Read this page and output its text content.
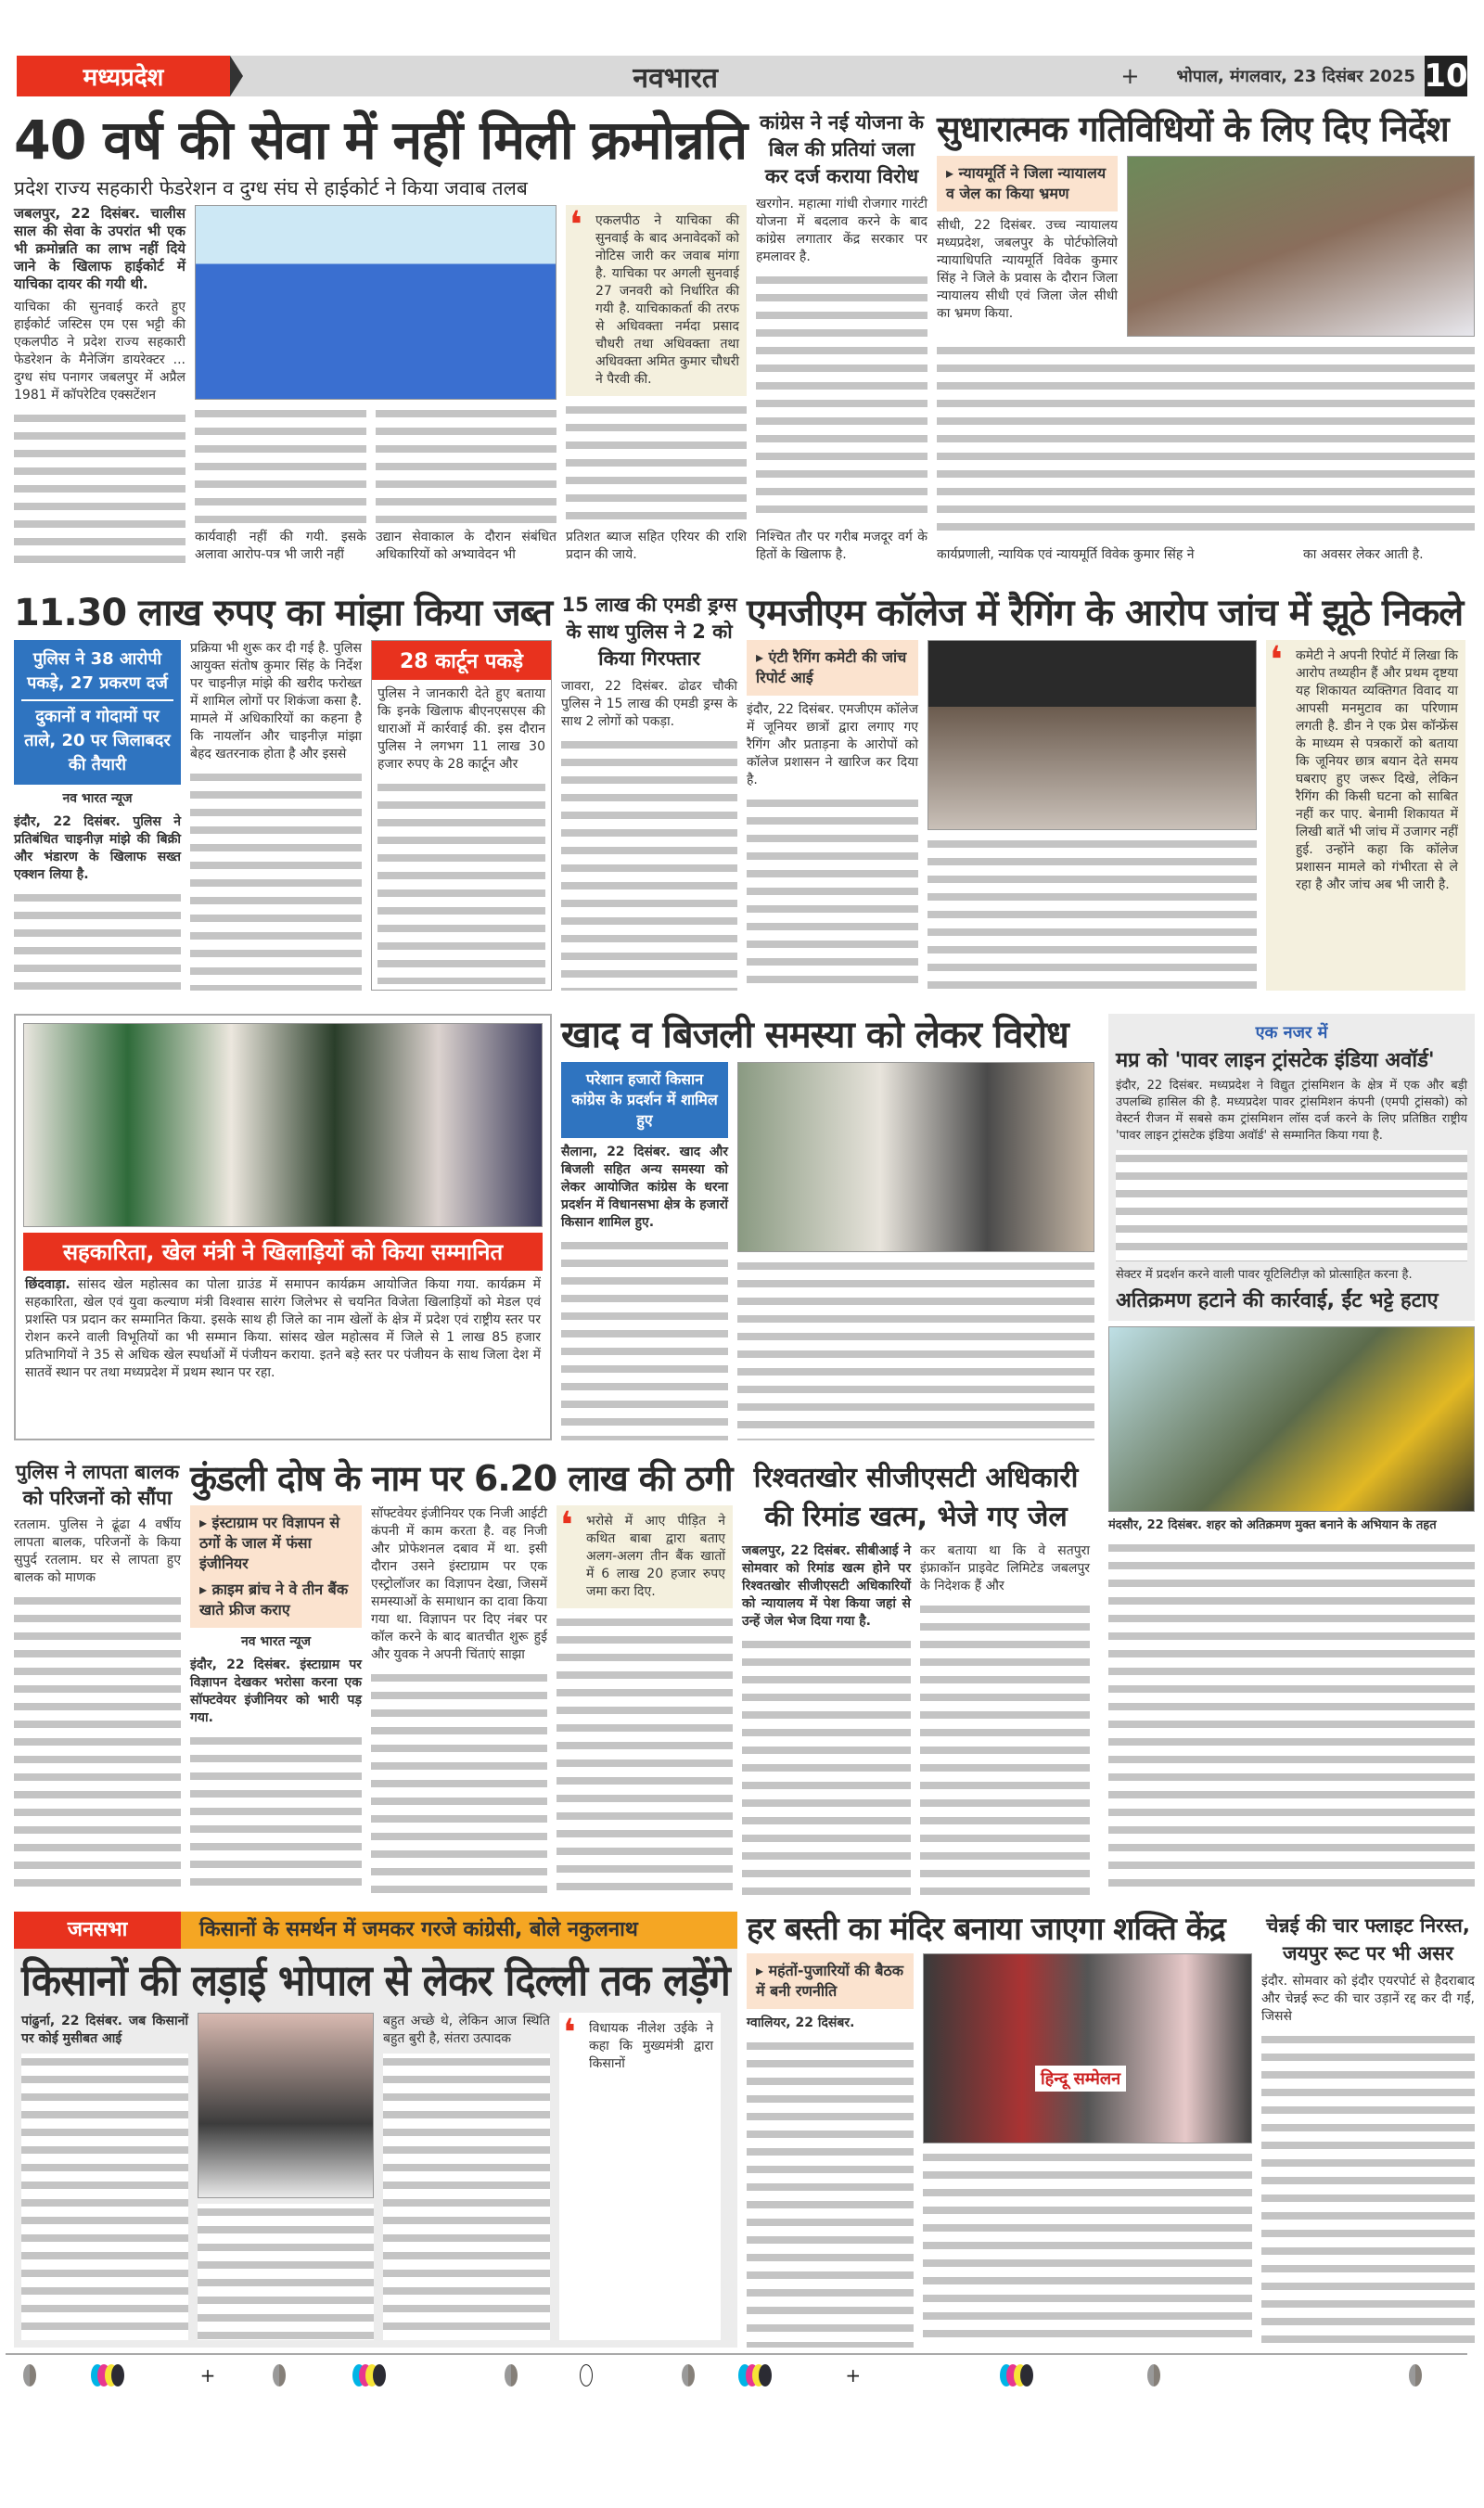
मध्यप्रदेश	नवभारत	+ भोपाल, मंगलवार, 23 दिसंबर 2025 10
40 वर्ष की सेवा में नहीं मिली क्रमोन्नति
प्रदेश राज्य सहकारी फेडरेशन व दुग्ध संघ से हाईकोर्ट ने किया जवाब तलब
जबलपुर, 22 दिसंबर. चालीस साल की सेवा के उपरांत भी एक भी क्रमोन्नति का लाभ नहीं दिये जाने के खिलाफ हाईकोर्ट में याचिका दायर की गयी थी.
याचिका की सुनवाई करते हुए हाईकोर्ट जस्टिस एम एस भट्टी की एकलपीठ ने प्रदेश राज्य सहकारी फेडरेशन के मैनेजिंग डायरेक्टर ... दुग्ध संघ पनागर जबलपुर में अप्रैल 1981 में कॉपरेटिव एक्सटेंशन
कार्यवाही नहीं की गयी. इसके अलावा आरोप-पत्र भी जारी नहीं
उद्यान सेवाकाल के दौरान संबंधित अधिकारियों को अभ्यावेदन भी
❛ एकलपीठ ने याचिका की सुनवाई के बाद अनावेदकों को नोटिस जारी कर जवाब मांगा है. याचिका पर अगली सुनवाई 27 जनवरी को निर्धारित की गयी है. याचिकाकर्ता की तरफ से अधिवक्ता नर्मदा प्रसाद चौधरी तथा अधिवक्ता तथा अधिवक्ता अमित कुमार चौधरी ने पैरवी की.
प्रतिशत ब्याज सहित एरियर की राशि प्रदान की जाये.
कांग्रेस ने नई योजना के बिल की प्रतियां जला कर दर्ज कराया विरोध
खरगोन. महात्मा गांधी रोजगार गारंटी योजना में बदलाव करने के बाद कांग्रेस लगातार केंद्र सरकार पर हमलावर है.
निश्चित तौर पर गरीब मजदूर वर्ग के हितों के खिलाफ है.
सुधारात्मक गतिविधियों के लिए दिए निर्देश
▸ न्यायमूर्ति ने जिला न्यायालय व जेल का किया भ्रमण
सीधी, 22 दिसंबर. उच्च न्यायालय मध्यप्रदेश, जबलपुर के पोर्टफोलियो न्यायाधिपति न्यायमूर्ति विवेक कुमार सिंह ने जिले के प्रवास के दौरान जिला न्यायालय सीधी एवं जिला जेल सीधी का भ्रमण किया.
कार्यप्रणाली, न्यायिक एवं न्यायमूर्ति विवेक कुमार सिंह ने	का अवसर लेकर आती है.
11.30 लाख रुपए का मांझा किया जब्त
पुलिस ने 38 आरोपी पकड़े, 27 प्रकरण दर्ज
दुकानों व गोदामों पर ताले, 20 पर जिलाबदर की तैयारी
नव भारत न्यूज
इंदौर, 22 दिसंबर. पुलिस ने प्रतिबंधित चाइनीज़ मांझे की बिक्री और भंडारण के खिलाफ सख्त एक्शन लिया है.
प्रक्रिया भी शुरू कर दी गई है. पुलिस आयुक्त संतोष कुमार सिंह के निर्देश पर चाइनीज़ मांझे की खरीद फरोख्त में शामिल लोगों पर शिकंजा कसा है. मामले में अधिकारियों का कहना है कि नायलॉन और चाइनीज़ मांझा बेहद खतरनाक होता है और इससे
28 कार्टून पकड़े
पुलिस ने जानकारी देते हुए बताया कि इनके खिलाफ बीएनएसएस की धाराओं में कार्रवाई की. इस दौरान पुलिस ने लगभग 11 लाख 30 हजार रुपए के 28 कार्टून और
15 लाख की एमडी ड्रग्स के साथ पुलिस ने 2 को किया गिरफ्तार
जावरा, 22 दिसंबर. ढोढर चौकी पुलिस ने 15 लाख की एमडी ड्रग्स के साथ 2 लोगों को पकड़ा.
एमजीएम कॉलेज में रैगिंग के आरोप जांच में झूठे निकले
▸ एंटी रैगिंग कमेटी की जांच रिपोर्ट आई
इंदौर, 22 दिसंबर. एमजीएम कॉलेज में जूनियर छात्रों द्वारा लगाए गए रैगिंग और प्रताड़ना के आरोपों को कॉलेज प्रशासन ने खारिज कर दिया है.
❛ कमेटी ने अपनी रिपोर्ट में लिखा कि आरोप तथ्यहीन हैं और प्रथम दृष्टया यह शिकायत व्यक्तिगत विवाद या आपसी मनमुटाव का परिणाम लगती है. डीन ने एक प्रेस कॉन्फ्रेंस के माध्यम से पत्रकारों को बताया कि जूनियर छात्र बयान देते समय घबराए हुए जरूर दिखे, लेकिन रैगिंग की किसी घटना को साबित नहीं कर पाए. बेनामी शिकायत में लिखी बातें भी जांच में उजागर नहीं हुई. उन्होंने कहा कि कॉलेज प्रशासन मामले को गंभीरता से ले रहा है और जांच अब भी जारी है.
सहकारिता, खेल मंत्री ने खिलाड़ियों को किया सम्मानित
छिंदवाड़ा. सांसद खेल महोत्सव का पोला ग्राउंड में समापन कार्यक्रम आयोजित किया गया. कार्यक्रम में सहकारिता, खेल एवं युवा कल्याण मंत्री विश्वास सारंग जिलेभर से चयनित विजेता खिलाड़ियों को मेडल एवं प्रशस्ति पत्र प्रदान कर सम्मानित किया. इसके साथ ही जिले का नाम खेलों के क्षेत्र में प्रदेश एवं राष्ट्रीय स्तर पर रोशन करने वाली विभूतियों का भी सम्मान किया. सांसद खेल महोत्सव में जिले से 1 लाख 85 हजार प्रतिभागियों ने 35 से अधिक खेल स्पर्धाओं में पंजीयन कराया. इतने बड़े स्तर पर पंजीयन के साथ जिला देश में सातवें स्थान पर तथा मध्यप्रदेश में प्रथम स्थान पर रहा.
खाद व बिजली समस्या को लेकर विरोध
परेशान हजारों किसान कांग्रेस के प्रदर्शन में शामिल हुए
सैलाना, 22 दिसंबर. खाद और बिजली सहित अन्य समस्या को लेकर आयोजित कांग्रेस के धरना प्रदर्शन में विधानसभा क्षेत्र के हजारों किसान शामिल हुए.
पुलिस ने लापता बालक को परिजनों को सौंपा
रतलाम. पुलिस ने ढूंढा 4 वर्षीय लापता बालक, परिजनों के किया सुपुर्द रतलाम. घर से लापता हुए बालक को माणक
कुंडली दोष के नाम पर 6.20 लाख की ठगी
▸ इंस्टाग्राम पर विज्ञापन से ठगों के जाल में फंसा इंजीनियर
▸ क्राइम ब्रांच ने वे तीन बैंक खाते फ्रीज कराए
नव भारत न्यूज
इंदौर, 22 दिसंबर. इंस्टाग्राम पर विज्ञापन देखकर भरोसा करना एक सॉफ्टवेयर इंजीनियर को भारी पड़ गया.
सॉफ्टवेयर इंजीनियर एक निजी आईटी कंपनी में काम करता है. वह निजी और प्रोफेशनल दबाव में था. इसी दौरान उसने इंस्टाग्राम पर एक एस्ट्रोलॉजर का विज्ञापन देखा, जिसमें समस्याओं के समाधान का दावा किया गया था. विज्ञापन पर दिए नंबर पर कॉल करने के बाद बातचीत शुरू हुई और युवक ने अपनी चिंताएं साझा
❛ भरोसे में आए पीड़ित ने कथित बाबा द्वारा बताए अलग-अलग तीन बैंक खातों में 6 लाख 20 हजार रुपए जमा करा दिए.
रिश्वतखोर सीजीएसटी अधिकारी की रिमांड खत्म, भेजे गए जेल
जबलपुर, 22 दिसंबर. सीबीआई ने सोमवार को रिमांड खत्म होने पर रिश्वतखोर सीजीएसटी अधिकारियों को न्यायालय में पेश किया जहां से उन्हें जेल भेज दिया गया है.
कर बताया था कि वे सतपुरा इंफ्राकॉन प्राइवेट लिमिटेड जबलपुर के निदेशक हैं और
एक नजर में
मप्र को 'पावर लाइन ट्रांसटेक इंडिया अवॉर्ड'
इंदौर, 22 दिसंबर. मध्यप्रदेश ने विद्युत ट्रांसमिशन के क्षेत्र में एक और बड़ी उपलब्धि हासिल की है. मध्यप्रदेश पावर ट्रांसमिशन कंपनी (एमपी ट्रांसको) को वेस्टर्न रीजन में सबसे कम ट्रांसमिशन लॉस दर्ज करने के लिए प्रतिष्ठित राष्ट्रीय 'पावर लाइन ट्रांसटेक इंडिया अवॉर्ड' से सम्मानित किया गया है.
सेक्टर में प्रदर्शन करने वाली पावर यूटिलिटीज़ को प्रोत्साहित करना है.
अतिक्रमण हटाने की कार्रवाई, ईंट भट्टे हटाए
मंदसौर, 22 दिसंबर. शहर को अतिक्रमण मुक्त बनाने के अभियान के तहत
जनसभा	किसानों के समर्थन में जमकर गरजे कांग्रेसी, बोले नकुलनाथ
किसानों की लड़ाई भोपाल से लेकर दिल्ली तक लड़ेंगे
पांढुर्ना, 22 दिसंबर. जब किसानों पर कोई मुसीबत आई
बहुत अच्छे थे, लेकिन आज स्थिति बहुत बुरी है, संतरा उत्पादक	❛ विधायक नीलेश उईके ने कहा कि मुख्यमंत्री द्वारा किसानों
हर बस्ती का मंदिर बनाया जाएगा शक्ति केंद्र
▸ महंतों-पुजारियों की बैठक में बनी रणनीति
ग्वालियर, 22 दिसंबर.
हिन्दू सम्मेलन
चेन्नई की चार फ्लाइट निरस्त, जयपुर रूट पर भी असर
इंदौर. सोमवार को इंदौर एयरपोर्ट से हैदराबाद और चेन्नई रूट की चार उड़ानें रद्द कर दी गईं, जिससे
+	+
